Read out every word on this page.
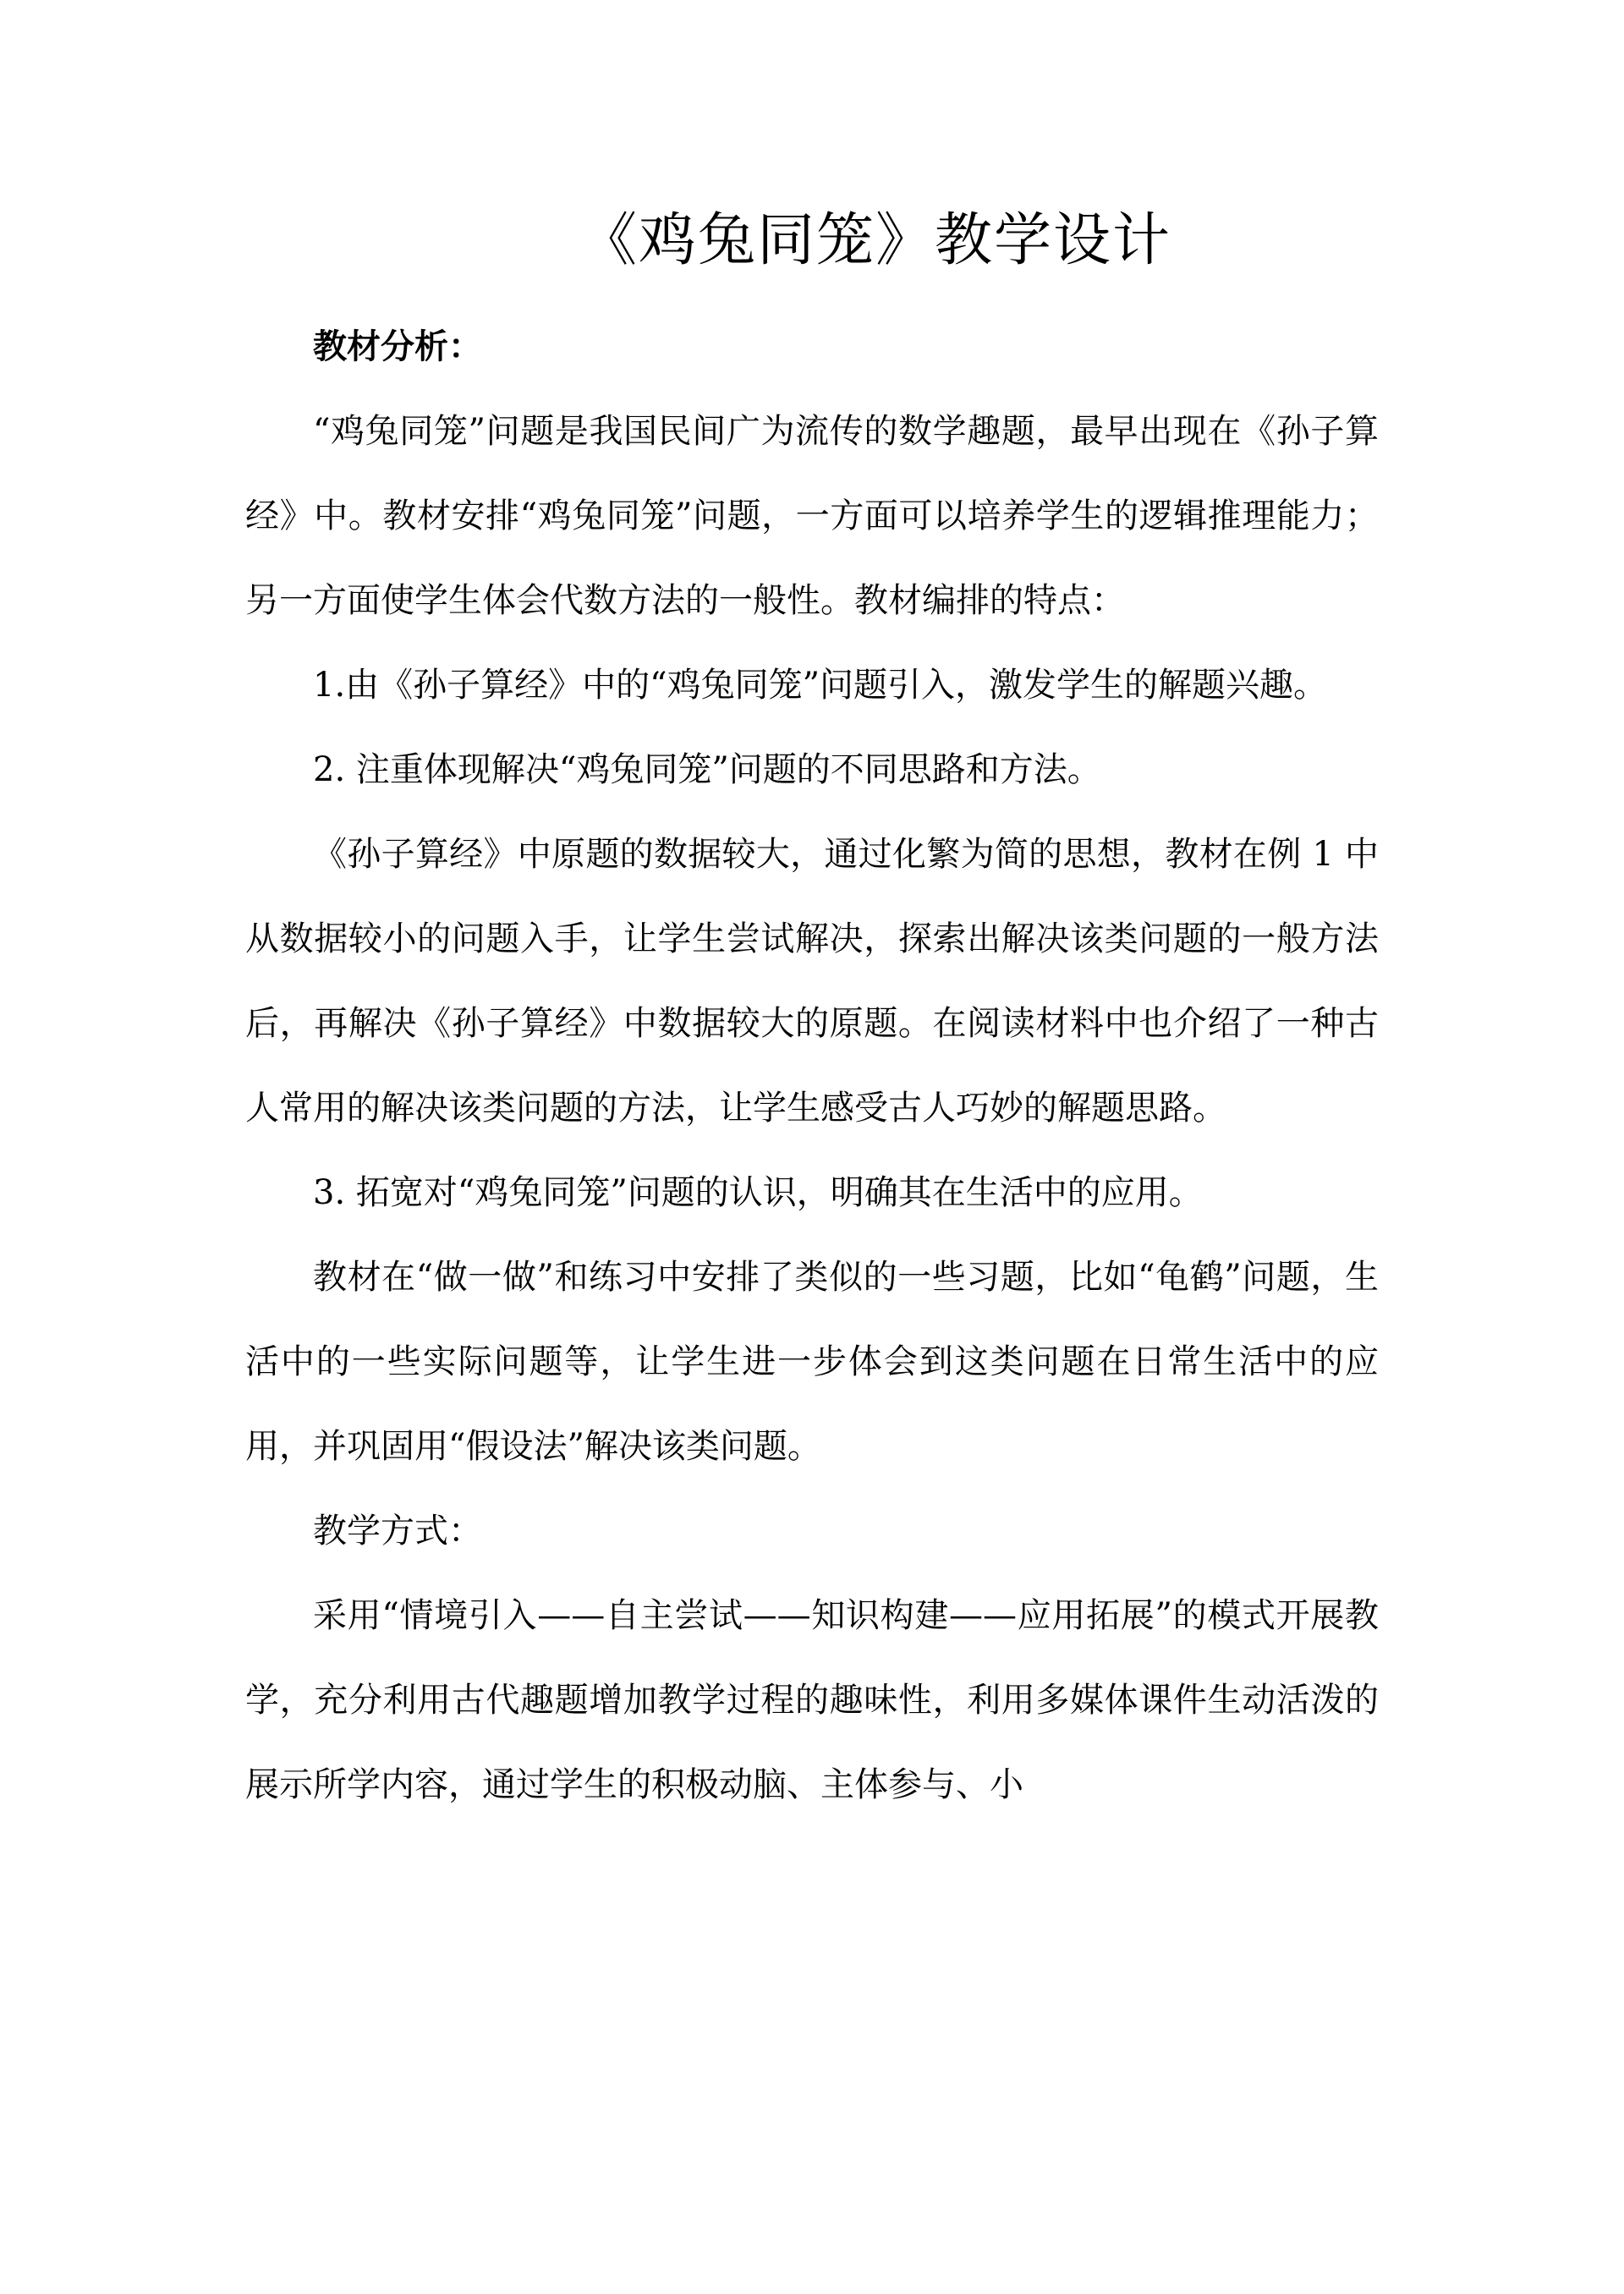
《鸡兔同笼》教学设计

教材分析：

“鸡兔同笼”问题是我国民间广为流传的数学趣题，最早出现在《孙子算经》中。教材安排“鸡兔同笼”问题，一方面可以培养学生的逻辑推理能力；另一方面使学生体会代数方法的一般性。教材编排的特点：

1.由《孙子算经》中的“鸡兔同笼”问题引入，激发学生的解题兴趣。

2. 注重体现解决“鸡兔同笼”问题的不同思路和方法。

《孙子算经》中原题的数据较大，通过化繁为简的思想，教材在例 1 中从数据较小的问题入手，让学生尝试解决，探索出解决该类问题的一般方法后，再解决《孙子算经》中数据较大的原题。在阅读材料中也介绍了一种古人常用的解决该类问题的方法，让学生感受古人巧妙的解题思路。

3. 拓宽对“鸡兔同笼”问题的认识，明确其在生活中的应用。

教材在“做一做”和练习中安排了类似的一些习题，比如“龟鹤”问题，生活中的一些实际问题等，让学生进一步体会到这类问题在日常生活中的应用，并巩固用“假设法”解决该类问题。

教学方式：

采用“情境引入——自主尝试——知识构建——应用拓展”的模式开展教学，充分利用古代趣题增加教学过程的趣味性，利用多媒体课件生动活泼的展示所学内容，通过学生的积极动脑、主体参与、小
